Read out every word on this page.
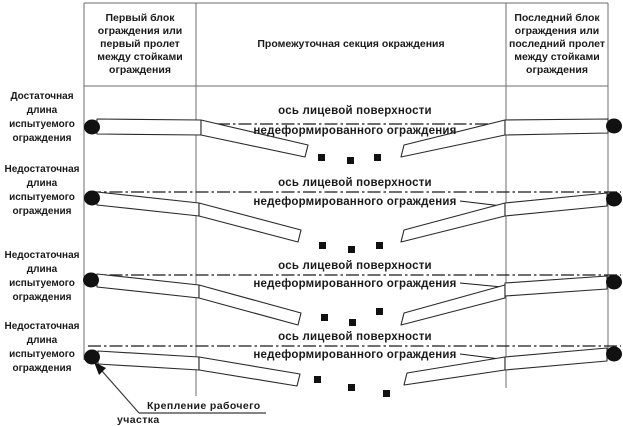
Первый блок ограждения или первый пролет между стойками ограждения
Промежуточная секция окраждения
Последний блок ограждения или последний пролет между стойками ограждения
Достаточная длина испытуемого ограждения
Недостаточная длина испытуемого ограждения
Недостаточная длина испытуемого ограждения
Недостаточная длина испытуемого ограждения
ось лицевой поверхности
недеформированного ограждения
ось лицевой поверхности
недеформированного ограждения
ось лицевой поверхности
недеформированного ограждения
ось лицевой поверхности
недеформированного ограждения
Крепление рабочего
участка
